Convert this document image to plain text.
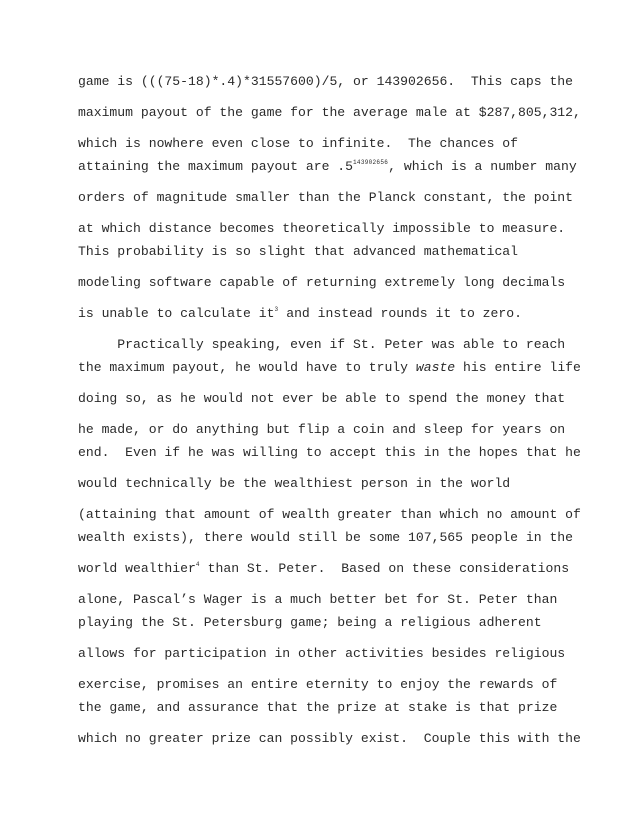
game is (((75-18)*.4)*31557600)/5, or 143902656.  This caps the
maximum payout of the game for the average male at $287,805,312,
which is nowhere even close to infinite.  The chances of
attaining the maximum payout are $.5^{143902656}$, which is a number many
orders of magnitude smaller than the Planck constant, the point
at which distance becomes theoretically impossible to measure.
This probability is so slight that advanced mathematical
modeling software capable of returning extremely long decimals
is unable to calculate $it^3$ and instead rounds it to zero.
Practically speaking, even if St. Peter was able to reach
the maximum payout, he would have to truly waste his entire life
doing so, as he would not ever be able to spend the money that
he made, or do anything but flip a coin and sleep for years on
end.  Even if he was willing to accept this in the hopes that he
would technically be the wealthiest person in the world
(attaining that amount of wealth greater than which no amount of
wealth exists), there would still be some 107,565 people in the
world wealthier$^4$ than St. Peter.  Based on these considerations
alone, Pascal’s Wager is a much better bet for St. Peter than
playing the St. Petersburg game; being a religious adherent
allows for participation in other activities besides religious
exercise, promises an entire eternity to enjoy the rewards of
the game, and assurance that the prize at stake is that prize
which no greater prize can possibly exist.  Couple this with the
